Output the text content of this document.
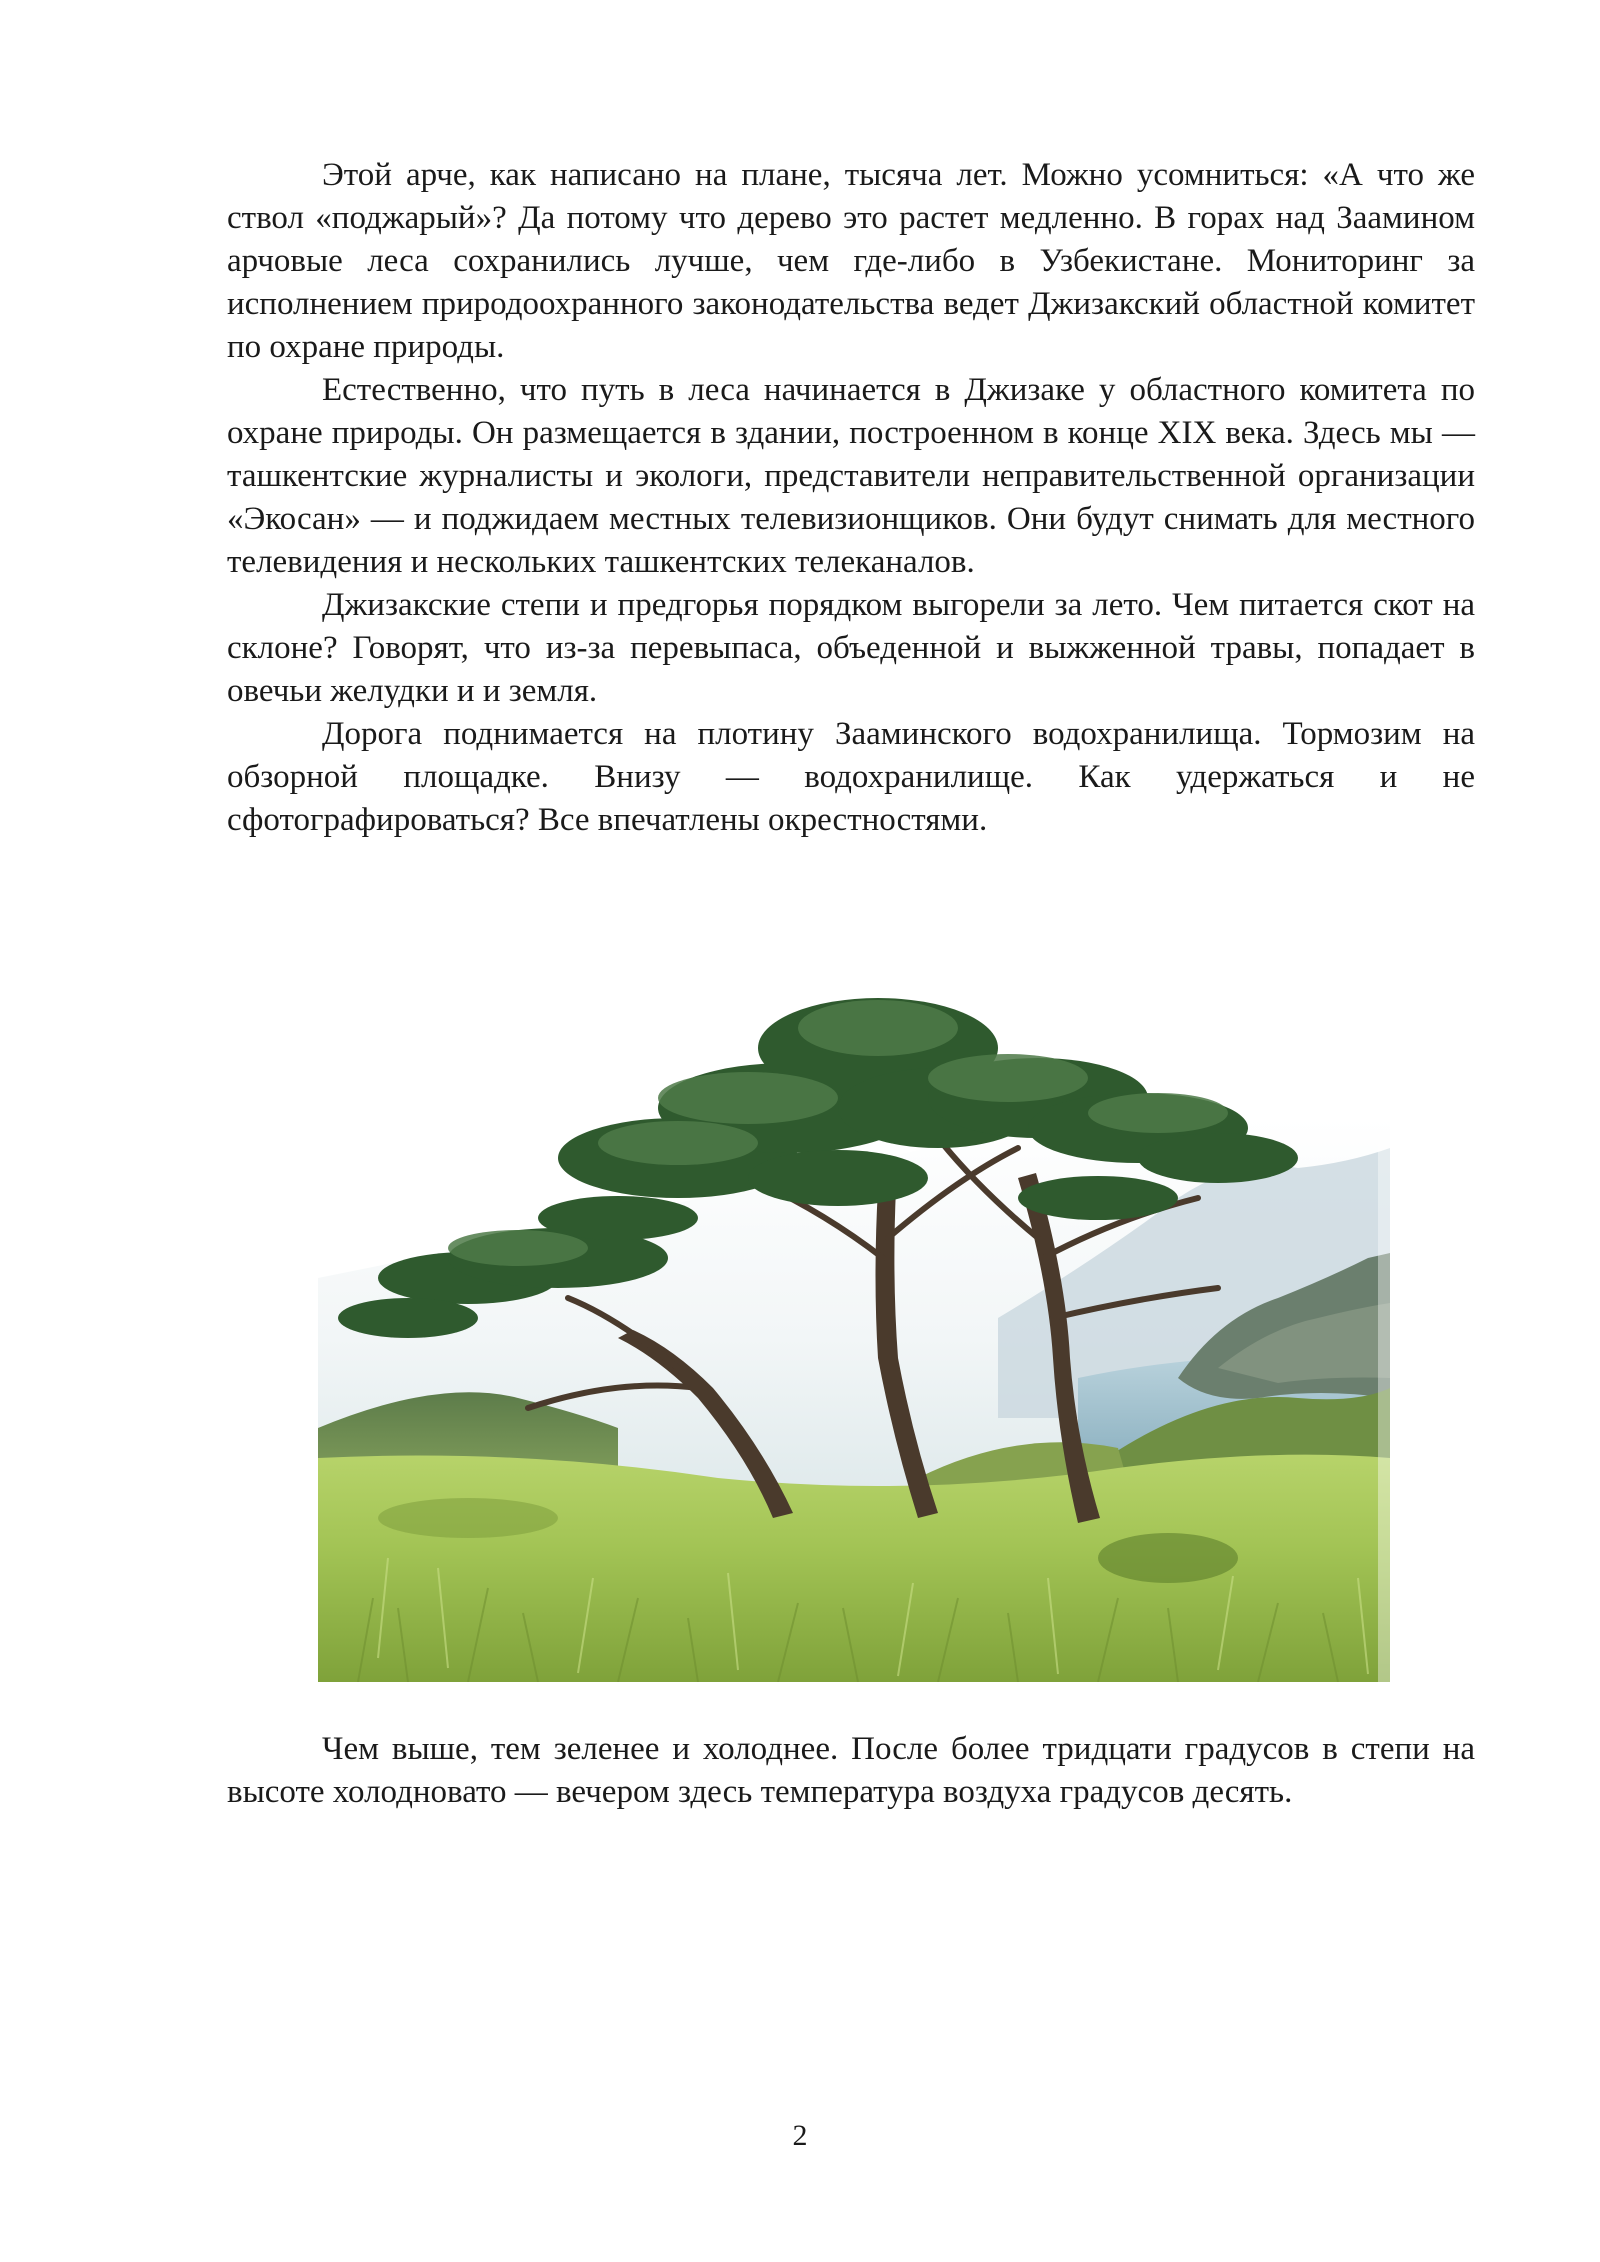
Этой арче, как написано на плане, тысяча лет. Можно усомниться: «А что же ствол «поджарый»? Да потому что дерево это растет медленно. В горах над Заамином арчовые леса сохранились лучше, чем где-либо в Узбекистане. Мониторинг за исполнением природоохранного законодательства ведет Джизакский областной комитет по охране природы.

Естественно, что путь в леса начинается в Джизаке у областного комитета по охране природы. Он размещается в здании, построенном в конце XIX века. Здесь мы — ташкентские журналисты и экологи, представители неправительственной организации «Экосан» — и поджидаем местных телевизионщиков. Они будут снимать для местного телевидения и нескольких ташкентских телеканалов.

Джизакские степи и предгорья порядком выгорели за лето. Чем питается скот на склоне? Говорят, что из-за перевыпаса, объеденной и выжженной травы, попадает в овечьи желудки и и земля.

Дорога поднимается на плотину Зааминского водохранилища. Тормозим на обзорной площадке. Внизу — водохранилище. Как удержаться и не сфотографироваться? Все впечатлены окрестностями.

Чем выше, тем зеленее и холоднее. После более тридцати градусов в степи на высоте холодновато — вечером здесь температура воздуха градусов десять.

2
